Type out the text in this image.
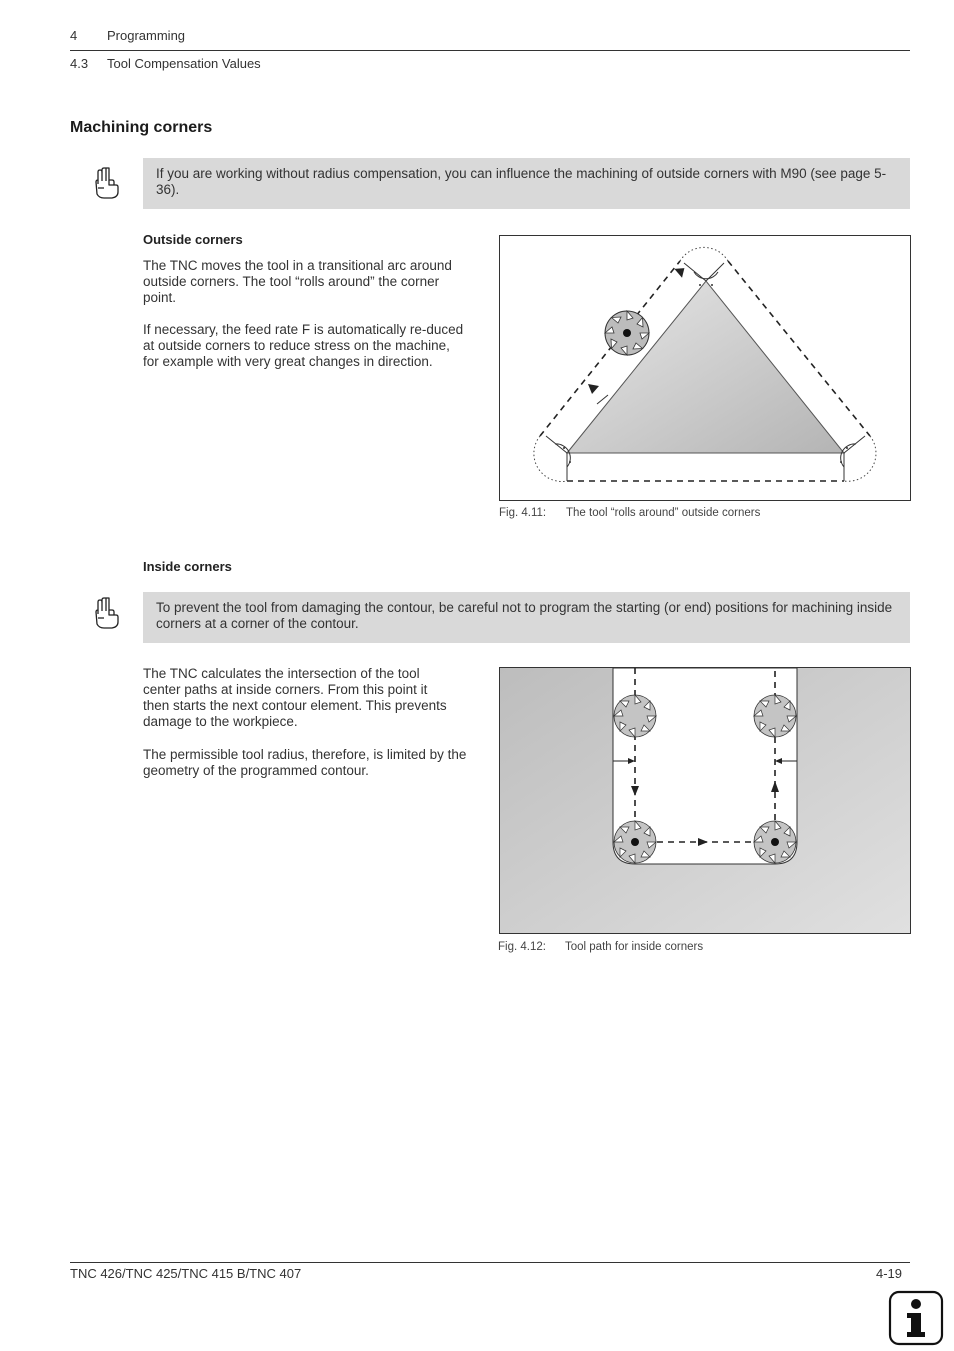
4 Programming
4.3 Tool Compensation Values
Machining corners
If you are working without radius compensation, you can influence the machining of outside corners with M90 (see page 5-36).
Outside corners
The TNC moves the tool in a transitional arc around outside corners. The tool “rolls around” the corner point.
If necessary, the feed rate F is automatically re-duced at outside corners to reduce stress on the machine, for example with very great changes in direction.
Fig. 4.11: The tool “rolls around” outside corners
Inside corners
To prevent the tool from damaging the contour, be careful not to program the starting (or end) positions for machining inside corners at a corner of the contour.
The TNC calculates the intersection of the tool center paths at inside corners. From this point it then starts the next contour element. This prevents damage to the workpiece.
The permissible tool radius, therefore, is limited by the geometry of the programmed contour.
Fig. 4.12: Tool path for inside corners
TNC 426/TNC 425/TNC 415 B/TNC 407	4-19
